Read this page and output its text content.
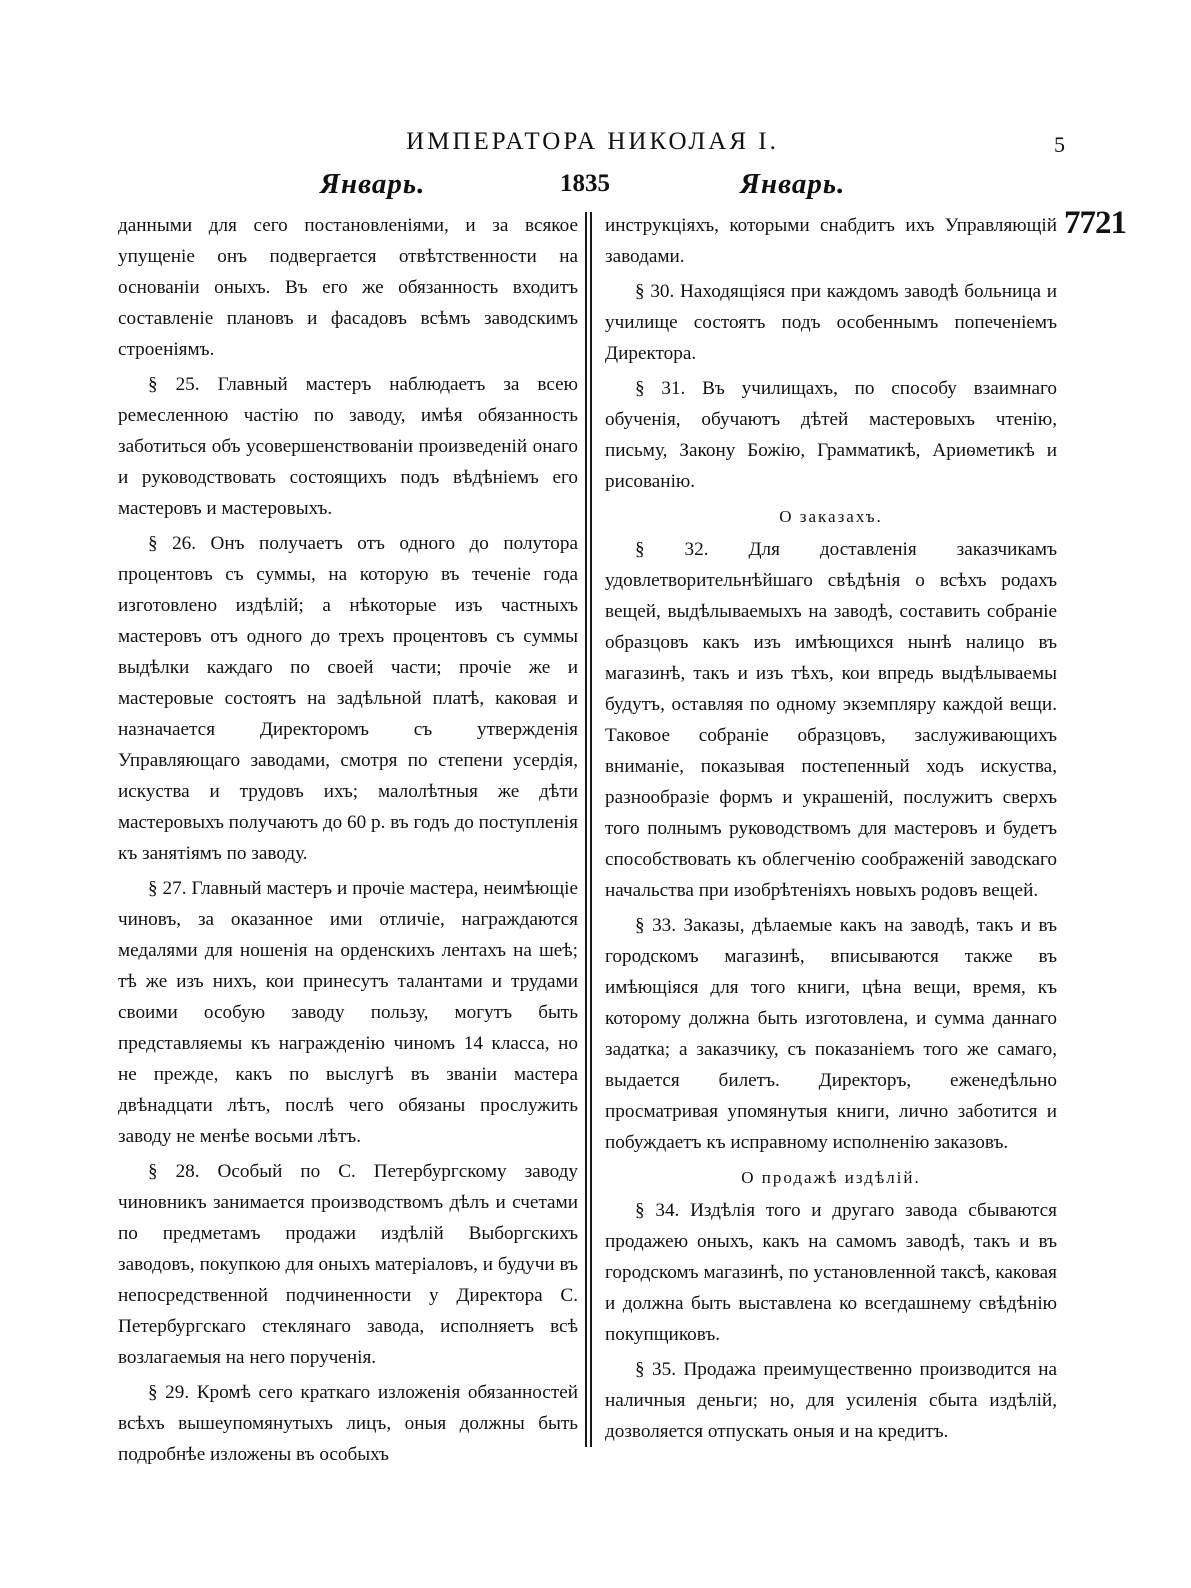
ИМПЕРАТОРА НИКОЛАЯ I.	5
Январь.	1835	Январь.
7721

данными для сего постановленіями, и за всякое упущеніе онъ подвергается отвѣтственности на основаніи оныхъ. Въ его же обязанность входитъ составленіе плановъ и фасадовъ всѣмъ заводскимъ строеніямъ.

§ 25. Главный мастеръ наблюдаетъ за всею ремесленною частію по заводу, имѣя обязанность заботиться объ усовершенствованіи произведеній онаго и руководствовать состоящихъ подъ вѣдѣніемъ его мастеровъ и мастеровыхъ.

§ 26. Онъ получаетъ отъ одного до полутора процентовъ съ суммы, на которую въ теченіе года изготовлено издѣлій; а нѣкоторые изъ частныхъ мастеровъ отъ одного до трехъ процентовъ съ суммы выдѣлки каждаго по своей части; прочіе же и мастеровые состоятъ на задѣльной платѣ, каковая и назначается Директоромъ съ утвержденія Управляющаго заводами, смотря по степени усердія, искуства и трудовъ ихъ; малолѣтныя же дѣти мастеровыхъ получаютъ до 60 р. въ годъ до поступленія къ занятіямъ по заводу.

§ 27. Главный мастеръ и прочіе мастера, неимѣющіе чиновъ, за оказанное ими отличіе, награждаются медалями для ношенія на орденскихъ лентахъ на шеѣ; тѣ же изъ нихъ, кои принесутъ талантами и трудами своими особую заводу пользу, могутъ быть представляемы къ награжденію чиномъ 14 класса, но не прежде, какъ по выслугѣ въ званіи мастера двѣнадцати лѣтъ, послѣ чего обязаны прослужить заводу не менѣе восьми лѣтъ.

§ 28. Особый по С. Петербургскому заводу чиновникъ занимается производствомъ дѣлъ и счетами по предметамъ продажи издѣлій Выборгскихъ заводовъ, покупкою для оныхъ матеріаловъ, и будучи въ непосредственной подчиненности у Директора С. Петербургскаго стеклянаго завода, исполняетъ всѣ возлагаемыя на него порученія.

§ 29. Кромѣ сего краткаго изложенія обязанностей всѣхъ вышеупомянутыхъ лицъ, оныя должны быть подробнѣе изложены въ особыхъ

инструкціяхъ, которыми снабдитъ ихъ Управляющій заводами.

§ 30. Находящіяся при каждомъ заводѣ больница и училище состоятъ подъ особеннымъ попеченіемъ Директора.

§ 31. Въ училищахъ, по способу взаимнаго обученія, обучаютъ дѣтей мастеровыхъ чтенію, письму, Закону Божію, Грамматикѣ, Ариѳметикѣ и рисованію.

О заказахъ.

§ 32. Для доставленія заказчикамъ удовлетворительнѣйшаго свѣдѣнія о всѣхъ родахъ вещей, выдѣлываемыхъ на заводѣ, составить собраніе образцовъ какъ изъ имѣющихся нынѣ налицо въ магазинѣ, такъ и изъ тѣхъ, кои впредь выдѣлываемы будутъ, оставляя по одному экземпляру каждой вещи. Таковое собраніе образцовъ, заслуживающихъ вниманіе, показывая постепенный ходъ искуства, разнообразіе формъ и украшеній, послужитъ сверхъ того полнымъ руководствомъ для мастеровъ и будетъ способствовать къ облегченію соображеній заводскаго начальства при изобрѣтеніяхъ новыхъ родовъ вещей.

§ 33. Заказы, дѣлаемые какъ на заводѣ, такъ и въ городскомъ магазинѣ, вписываются также въ имѣющіяся для того книги, цѣна вещи, время, къ которому должна быть изготовлена, и сумма даннаго задатка; а заказчику, съ показаніемъ того же самаго, выдается билетъ. Директоръ, еженедѣльно просматривая упомянутыя книги, лично заботится и побуждаетъ къ исправному исполненію заказовъ.

О продажѣ издѣлій.

§ 34. Издѣлія того и другаго завода сбываются продажею оныхъ, какъ на самомъ заводѣ, такъ и въ городскомъ магазинѣ, по установленной таксѣ, каковая и должна быть выставлена ко всегдашнему свѣдѣнію покупщиковъ.

§ 35. Продажа преимущественно производится на наличныя деньги; но, для усиленія сбыта издѣлій, дозволяется отпускать оныя и на кредитъ.
